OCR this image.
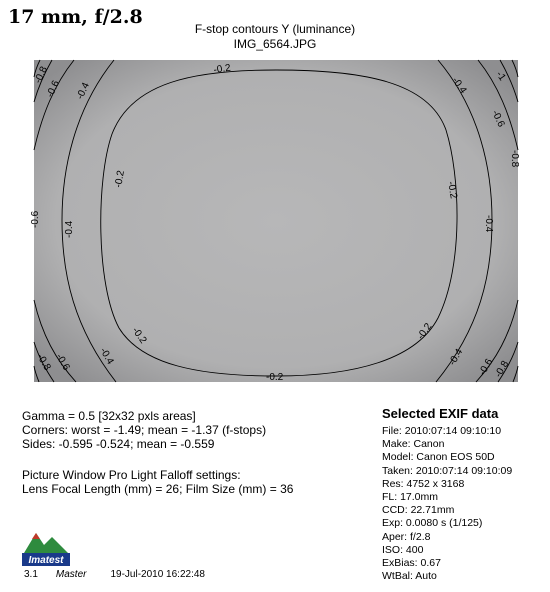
17 mm, f/2.8
F-stop contours Y (luminance)
IMG_6564.JPG
-0.2
-0.2
-0.2
-0.2
-0.2	-0.2
-0.4	-0.4
-0.4	-0.4
-0.4	-0.4
-0.6
-0.6
-0.6
-0.6	-0.6
-0.8
-0.8
-0.8	-0.8
-1
Gamma = 0.5 [32x32 pxls areas]
Corners: worst = -1.49; mean = -1.37 (f-stops)
Sides: -0.595 -0.524; mean = -0.559
Picture Window Pro Light Falloff settings:
Lens Focal Length (mm) = 26; Film Size (mm) = 36
Selected EXIF data
File: 2010:07:14 09:10:10
Make: Canon
Model: Canon EOS 50D
Taken: 2010:07:14 09:10:09
Res: 4752 x 3168
FL: 17.0mm
CCD: 22.71mm
Exp: 0.0080 s (1/125)
Aper: f/2.8
ISO: 400
ExBias: 0.67
WtBal: Auto
Imatest
3.1 Master 19-Jul-2010 16:22:48
